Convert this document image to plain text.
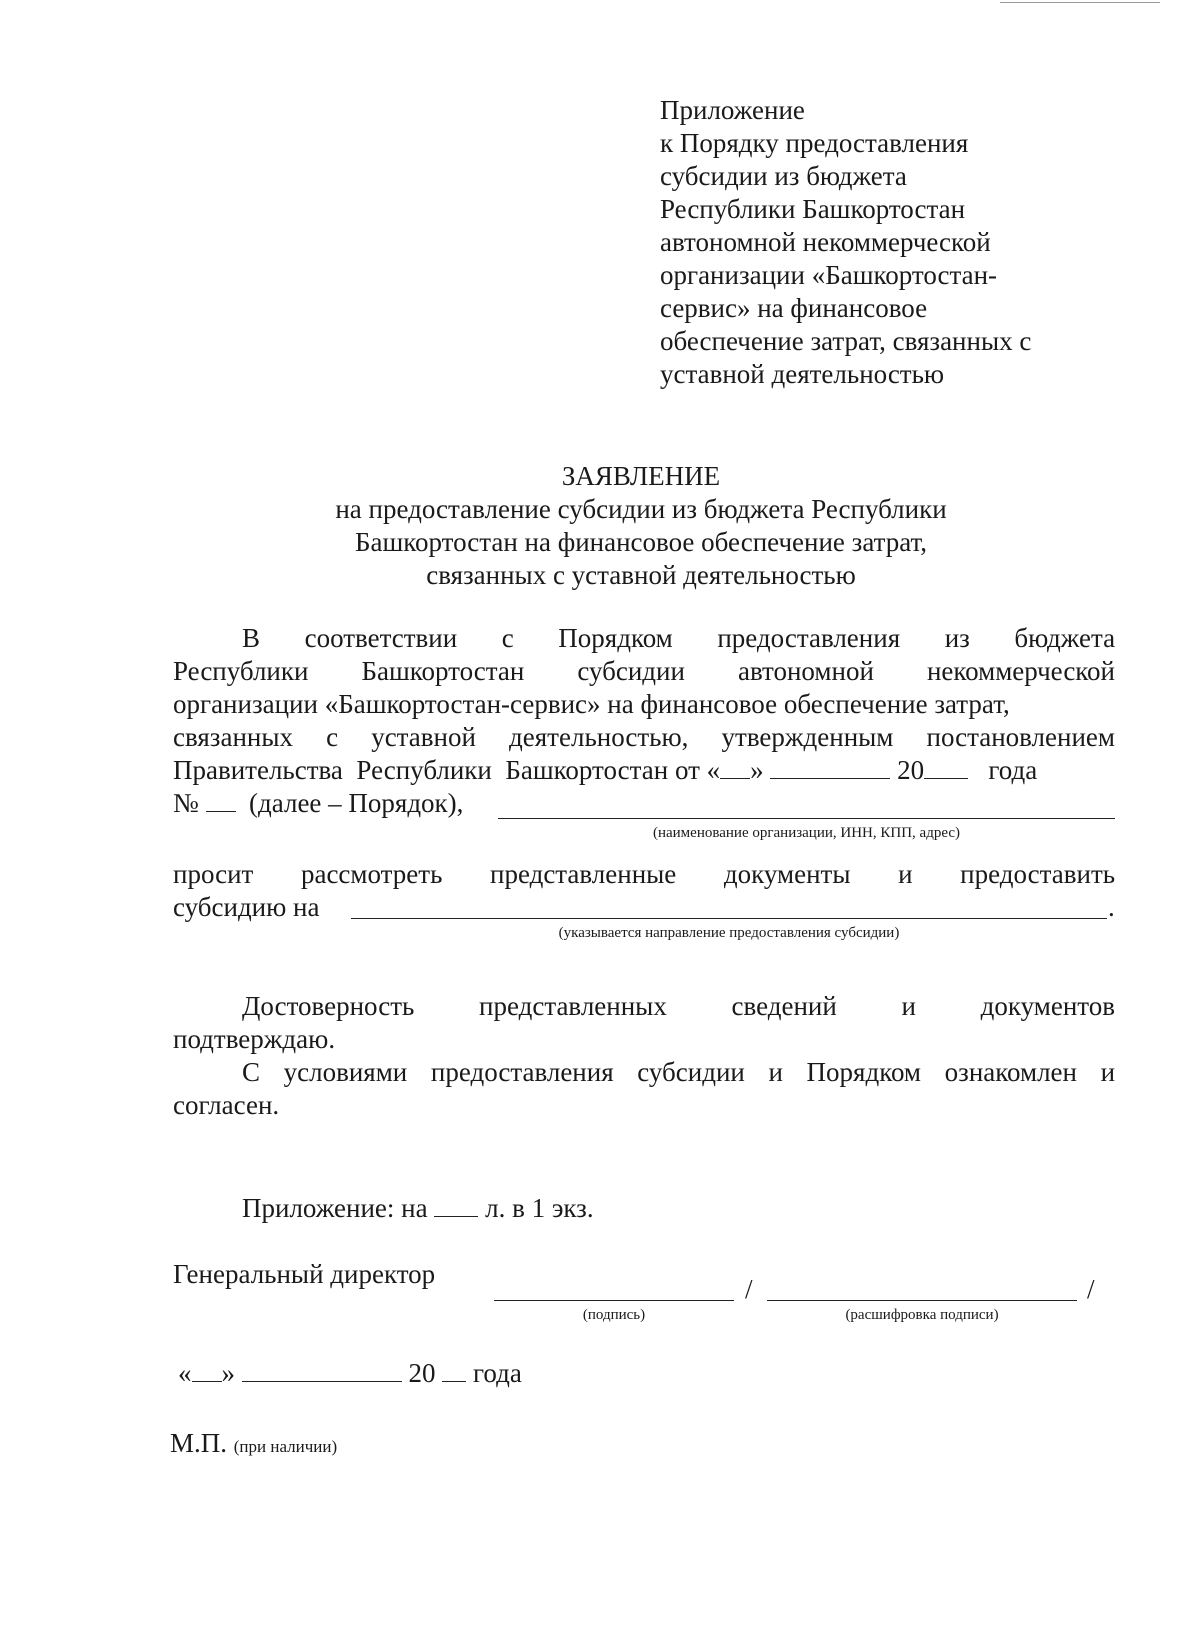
Приложение
к Порядку предоставления
субсидии из бюджета
Республики Башкортостан
автономной некоммерческой
организации «Башкортостан-
сервис» на финансовое
обеспечение затрат, связанных с
уставной деятельностью
ЗАЯВЛЕНИЕ
на предоставление субсидии из бюджета Республики
Башкортостан на финансовое обеспечение затрат,
связанных с уставной деятельностью
В соответствии с Порядком предоставления из бюджета
Республики Башкортостан субсидии автономной некоммерческой
организации «Башкортостан-сервис» на финансовое обеспечение затрат,
связанных с уставной деятельностью, утвержденным постановлением
Правительства Республики Башкортостан от « »	20 года
№ (далее – Порядок),
(наименование организации, ИНН, КПП, адрес)
просит рассмотреть представленные документы и предоставить
субсидию на	.
(указывается направление предоставления субсидии)
Достоверность представленных сведений и документов
подтверждаю.
С условиями предоставления субсидии и Порядком ознакомлен и
согласен.
Приложение: на л. в 1 экз.
Генеральный директор	/	/
(подпись)	(расшифровка подписи)
« »	20 года
М.П. (при наличии)
